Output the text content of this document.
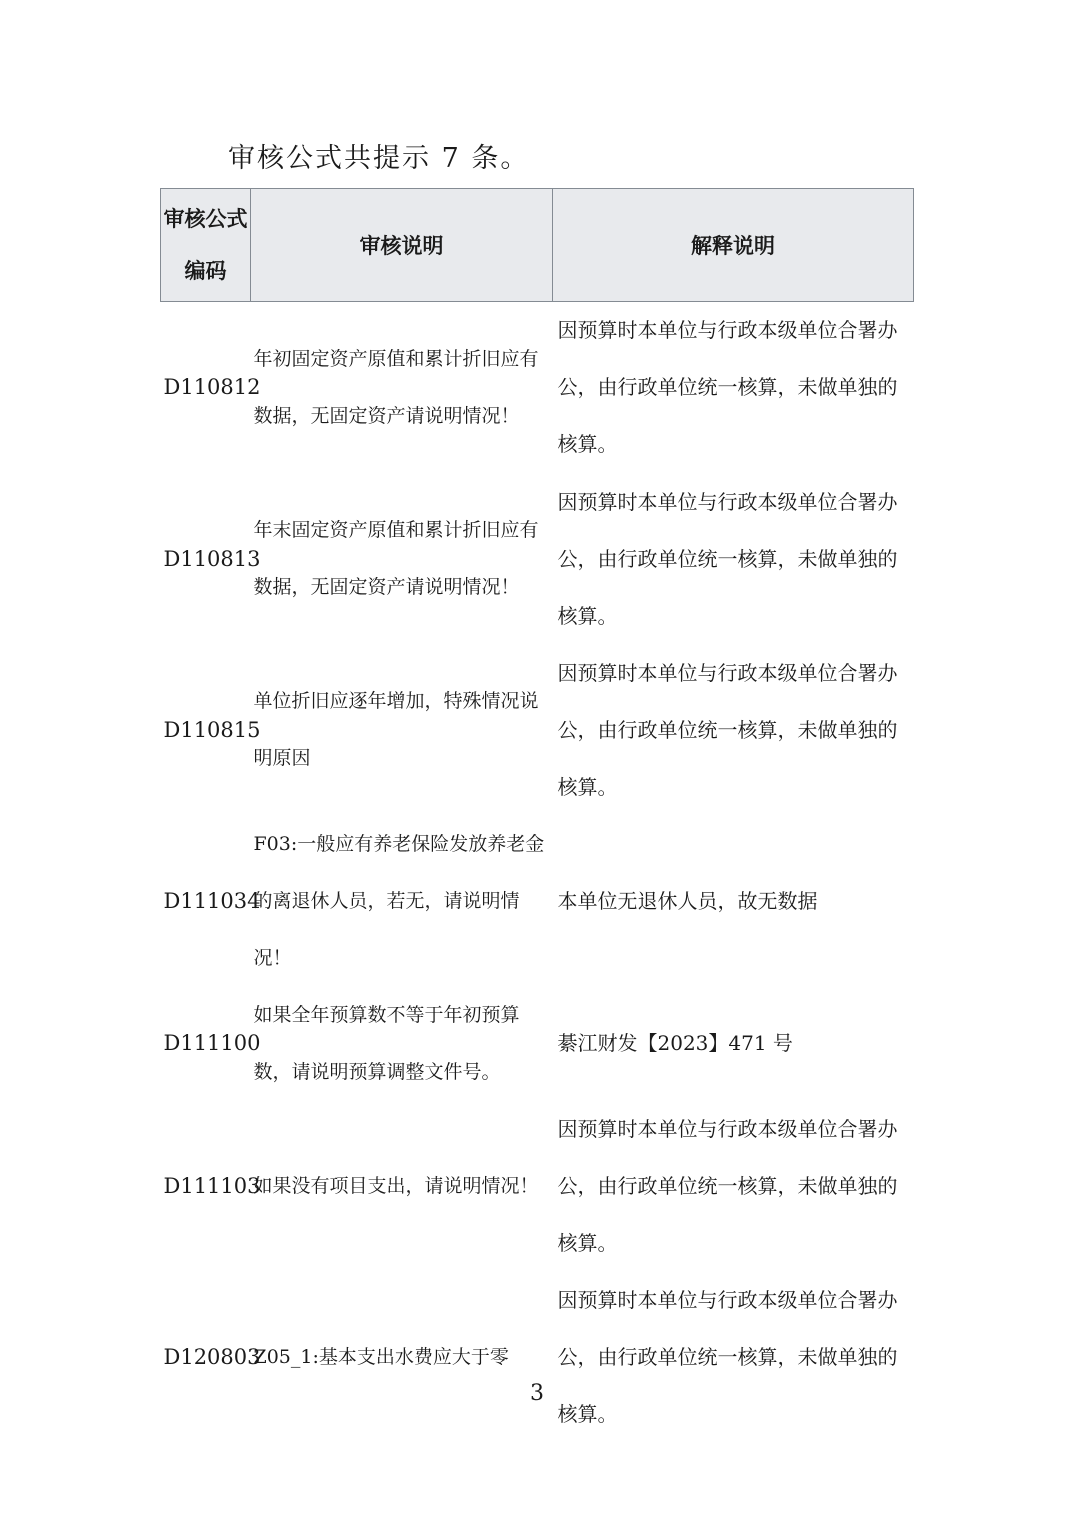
审核公式共提示 7 条。

审核公式
编码	审核说明	解释说明
D110812	年初固定资产原值和累计折旧应有数据，无固定资产请说明情况！	因预算时本单位与行政本级单位合署办公，由行政单位统一核算，未做单独的核算。
D110813	年末固定资产原值和累计折旧应有数据，无固定资产请说明情况！	因预算时本单位与行政本级单位合署办公，由行政单位统一核算，未做单独的核算。
D110815	单位折旧应逐年增加，特殊情况说明原因	因预算时本单位与行政本级单位合署办公，由行政单位统一核算，未做单独的核算。
D111034	F03:一般应有养老保险发放养老金的离退休人员，若无，请说明情况！	本单位无退休人员，故无数据
D111100	如果全年预算数不等于年初预算数，请说明预算调整文件号。	綦江财发【2023】471 号
D111103	如果没有项目支出，请说明情况！	因预算时本单位与行政本级单位合署办公，由行政单位统一核算，未做单独的核算。
D120803	Z05_1:基本支出水费应大于零	因预算时本单位与行政本级单位合署办公，由行政单位统一核算，未做单独的核算。
3
